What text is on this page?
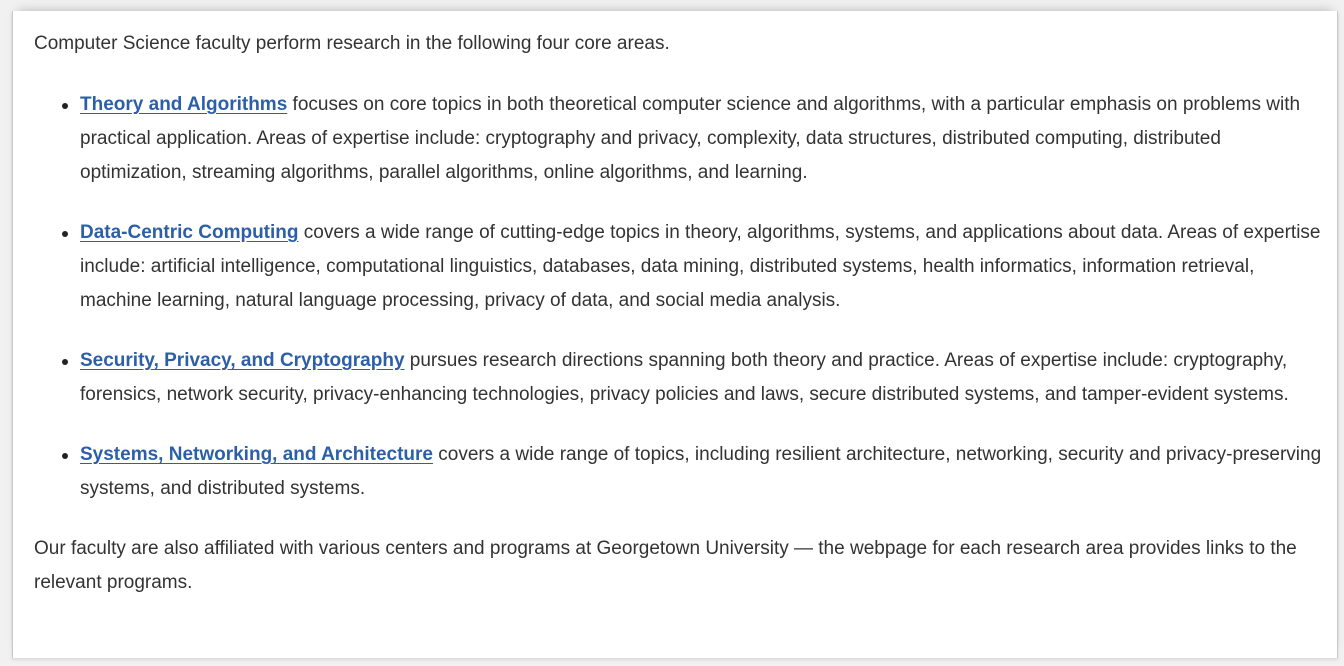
Computer Science faculty perform research in the following four core areas.

Theory and Algorithms focuses on core topics in both theoretical computer science and algorithms, with a particular emphasis on problems with practical application. Areas of expertise include: cryptography and privacy, complexity, data structures, distributed computing, distributed optimization, streaming algorithms, parallel algorithms, online algorithms, and learning.
Data-Centric Computing covers a wide range of cutting-edge topics in theory, algorithms, systems, and applications about data. Areas of expertise include: artificial intelligence, computational linguistics, databases, data mining, distributed systems, health informatics, information retrieval, machine learning, natural language processing, privacy of data, and social media analysis.
Security, Privacy, and Cryptography pursues research directions spanning both theory and practice. Areas of expertise include: cryptography, forensics, network security, privacy-enhancing technologies, privacy policies and laws, secure distributed systems, and tamper-evident systems.
Systems, Networking, and Architecture covers a wide range of topics, including resilient architecture, networking, security and privacy-preserving systems, and distributed systems.

Our faculty are also affiliated with various centers and programs at Georgetown University — the webpage for each research area provides links to the relevant programs.
